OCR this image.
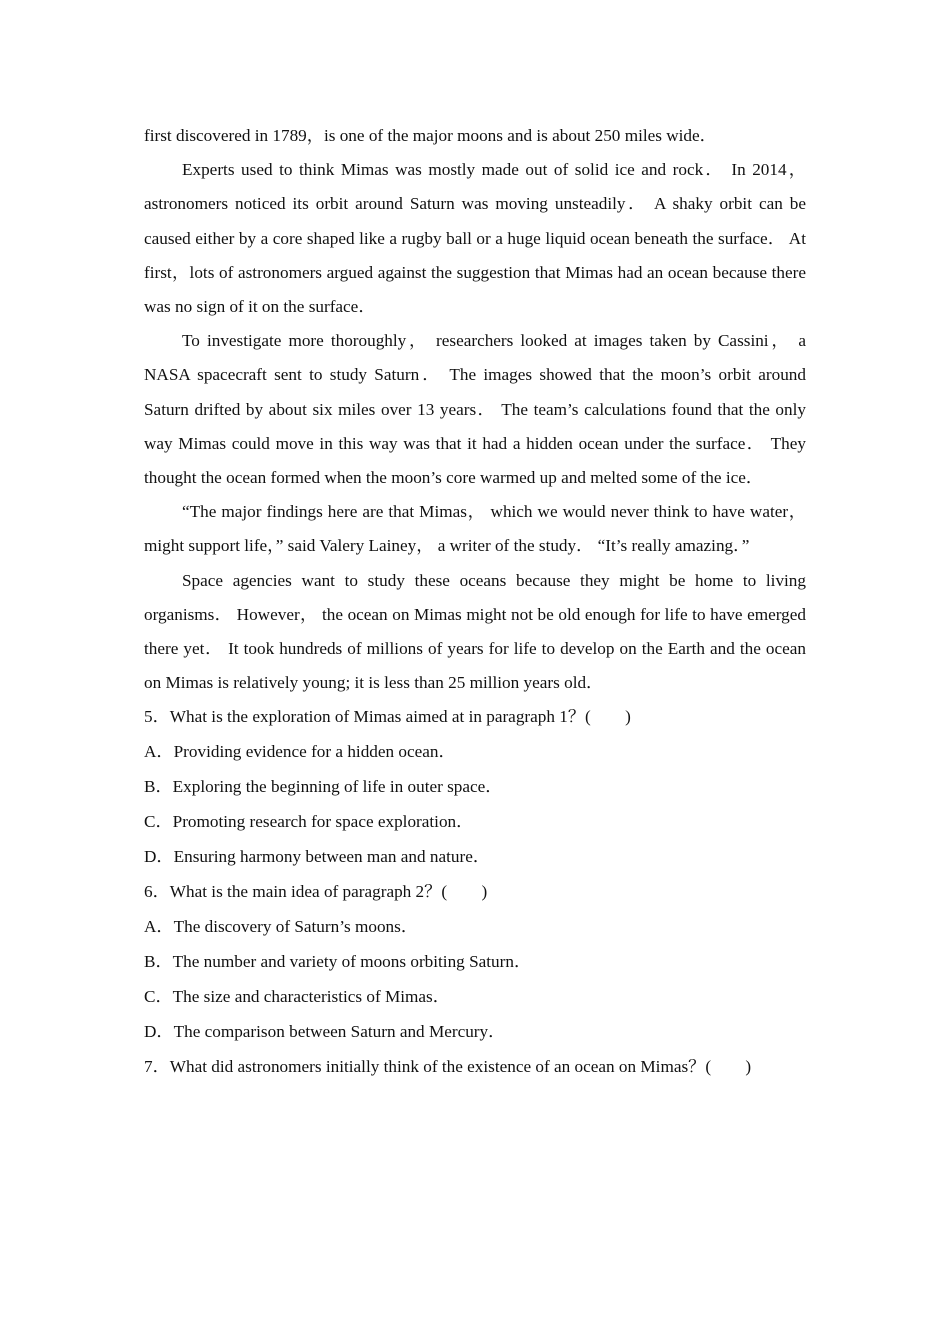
first discovered in 1789，is one of the major moons and is about 250 miles wide．

Experts used to think Mimas was mostly made out of solid ice and rock． In 2014，astronomers noticed its orbit around Saturn was moving unsteadily． A shaky orbit can be caused either by a core shaped like a rugby ball or a huge liquid ocean beneath the surface． At first，lots of astronomers argued against the suggestion that Mimas had an ocean because there was no sign of it on the surface．

To investigate more thoroughly， researchers looked at images taken by Cassini， a NASA spacecraft sent to study Saturn． The images showed that the moon’s orbit around Saturn drifted by about six miles over 13 years． The team’s calculations found that the only way Mimas could move in this way was that it had a hidden ocean under the surface． They thought the ocean formed when the moon’s core warmed up and melted some of the ice．

“The major findings here are that Mimas， which we would never think to have water， might support life，” said Valery Lainey， a writer of the study． “It’s really amazing．”

Space agencies want to study these oceans because they might be home to living organisms． However， the ocean on Mimas might not be old enough for life to have emerged there yet． It took hundreds of millions of years for life to develop on the Earth and the ocean on Mimas is relatively young; it is less than 25 million years old．

5．What is the exploration of Mimas aimed at in paragraph 1？(　　)

A．Providing evidence for a hidden ocean．

B．Exploring the beginning of life in outer space．

C．Promoting research for space exploration．

D．Ensuring harmony between man and nature．

6．What is the main idea of paragraph 2？(　　)

A．The discovery of Saturn’s moons．

B．The number and variety of moons orbiting Saturn．

C．The size and characteristics of Mimas．

D．The comparison between Saturn and Mercury．

7．What did astronomers initially think of the existence of an ocean on Mimas？(　　)
